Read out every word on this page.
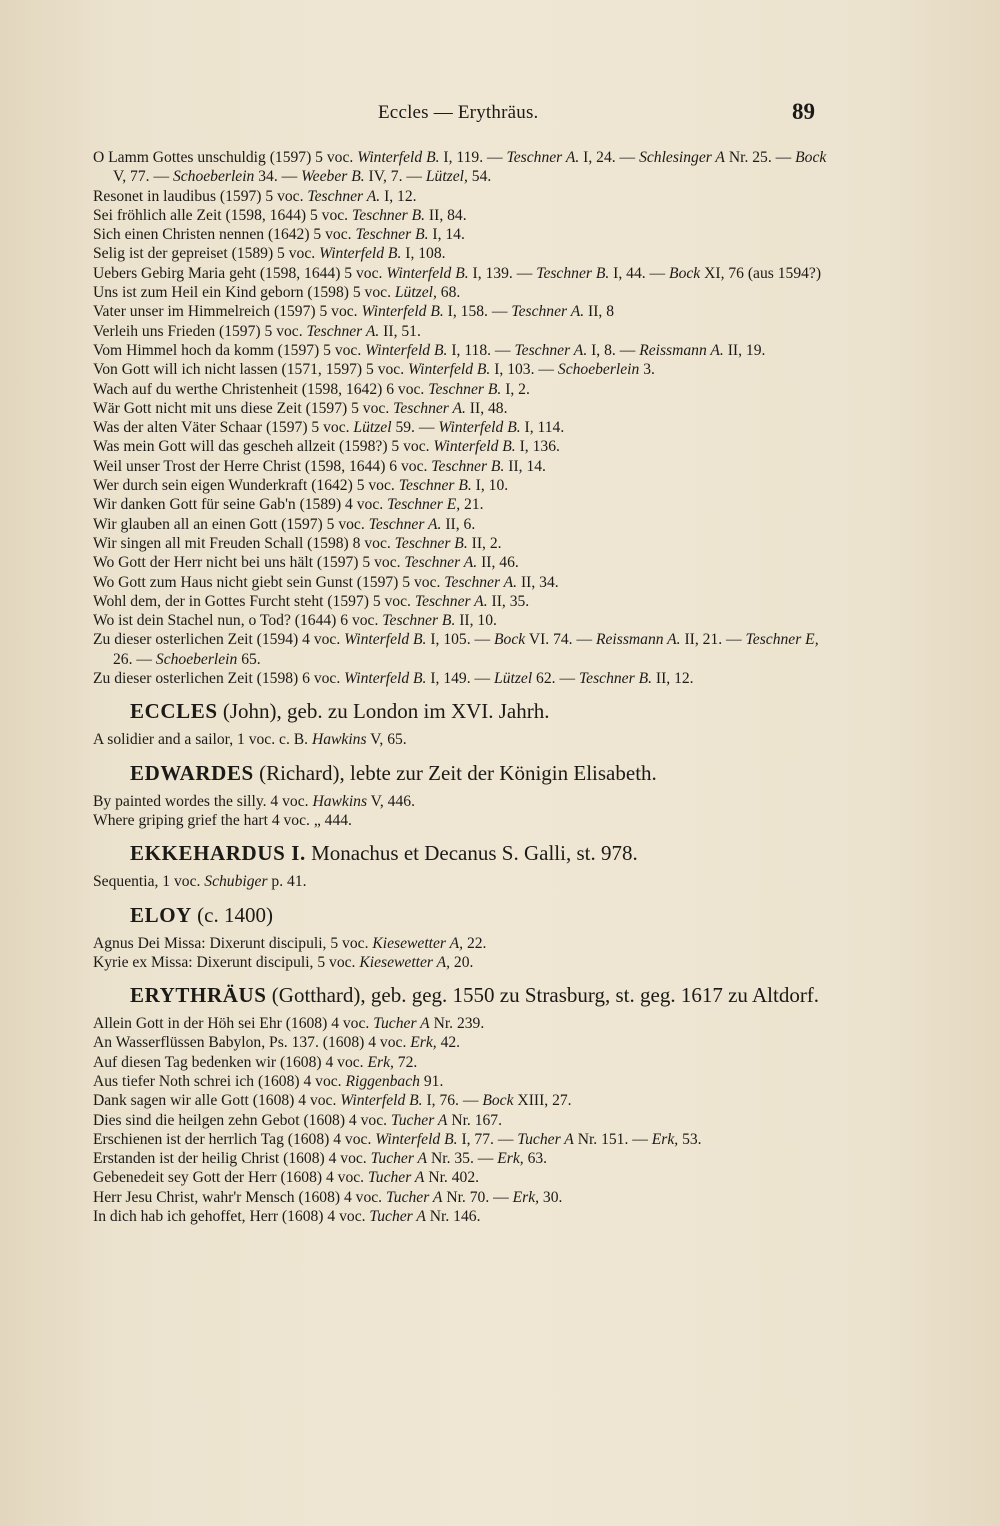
Eccles — Erythräus.	89

O Lamm Gottes unschuldig (1597) 5 voc. Winterfeld B. I, 119. — Teschner A. I, 24. — Schlesinger A Nr. 25. — Bock V, 77. — Schoeberlein 34. — Weeber B. IV, 7. — Lützel, 54.

Resonet in laudibus (1597) 5 voc. Teschner A. I, 12.

Sei fröhlich alle Zeit (1598, 1644) 5 voc. Teschner B. II, 84.

Sich einen Christen nennen (1642) 5 voc. Teschner B. I, 14.

Selig ist der gepreiset (1589) 5 voc. Winterfeld B. I, 108.

Uebers Gebirg Maria geht (1598, 1644) 5 voc. Winterfeld B. I, 139. — Teschner B. I, 44. — Bock XI, 76 (aus 1594?)

Uns ist zum Heil ein Kind geborn (1598) 5 voc. Lützel, 68.

Vater unser im Himmelreich (1597) 5 voc. Winterfeld B. I, 158. — Teschner A. II, 8

Verleih uns Frieden (1597) 5 voc. Teschner A. II, 51.

Vom Himmel hoch da komm (1597) 5 voc. Winterfeld B. I, 118. — Teschner A. I, 8. — Reissmann A. II, 19.

Von Gott will ich nicht lassen (1571, 1597) 5 voc. Winterfeld B. I, 103. — Schoeberlein 3.

Wach auf du werthe Christenheit (1598, 1642) 6 voc. Teschner B. I, 2.

Wär Gott nicht mit uns diese Zeit (1597) 5 voc. Teschner A. II, 48.

Was der alten Väter Schaar (1597) 5 voc. Lützel 59. — Winterfeld B. I, 114.

Was mein Gott will das gescheh allzeit (1598?) 5 voc. Winterfeld B. I, 136.

Weil unser Trost der Herre Christ (1598, 1644) 6 voc. Teschner B. II, 14.

Wer durch sein eigen Wunderkraft (1642) 5 voc. Teschner B. I, 10.

Wir danken Gott für seine Gab'n (1589) 4 voc. Teschner E, 21.

Wir glauben all an einen Gott (1597) 5 voc. Teschner A. II, 6.

Wir singen all mit Freuden Schall (1598) 8 voc. Teschner B. II, 2.

Wo Gott der Herr nicht bei uns hält (1597) 5 voc. Teschner A. II, 46.

Wo Gott zum Haus nicht giebt sein Gunst (1597) 5 voc. Teschner A. II, 34.

Wohl dem, der in Gottes Furcht steht (1597) 5 voc. Teschner A. II, 35.

Wo ist dein Stachel nun, o Tod? (1644) 6 voc. Teschner B. II, 10.

Zu dieser osterlichen Zeit (1594) 4 voc. Winterfeld B. I, 105. — Bock VI. 74. — Reissmann A. II, 21. — Teschner E, 26. — Schoeberlein 65.

Zu dieser osterlichen Zeit (1598) 6 voc. Winterfeld B. I, 149. — Lützel 62. — Teschner B. II, 12.

ECCLES (John), geb. zu London im XVI. Jahrh.

A solidier and a sailor, 1 voc. c. B. Hawkins V, 65.

EDWARDES (Richard), lebte zur Zeit der Königin Elisabeth.

By painted wordes the silly. 4 voc. Hawkins V, 446.

Where griping grief the hart 4 voc. „ 444.

EKKEHARDUS I. Monachus et Decanus S. Galli, st. 978.

Sequentia, 1 voc. Schubiger p. 41.

ELOY (c. 1400)

Agnus Dei Missa: Dixerunt discipuli, 5 voc. Kiesewetter A, 22.

Kyrie ex Missa: Dixerunt discipuli, 5 voc. Kiesewetter A, 20.

ERYTHRÄUS (Gotthard), geb. geg. 1550 zu Strasburg, st. geg. 1617 zu Altdorf.

Allein Gott in der Höh sei Ehr (1608) 4 voc. Tucher A Nr. 239.

An Wasserflüssen Babylon, Ps. 137. (1608) 4 voc. Erk, 42.

Auf diesen Tag bedenken wir (1608) 4 voc. Erk, 72.

Aus tiefer Noth schrei ich (1608) 4 voc. Riggenbach 91.

Dank sagen wir alle Gott (1608) 4 voc. Winterfeld B. I, 76. — Bock XIII, 27.

Dies sind die heilgen zehn Gebot (1608) 4 voc. Tucher A Nr. 167.

Erschienen ist der herrlich Tag (1608) 4 voc. Winterfeld B. I, 77. — Tucher A Nr. 151. — Erk, 53.

Erstanden ist der heilig Christ (1608) 4 voc. Tucher A Nr. 35. — Erk, 63.

Gebenedeit sey Gott der Herr (1608) 4 voc. Tucher A Nr. 402.

Herr Jesu Christ, wahr'r Mensch (1608) 4 voc. Tucher A Nr. 70. — Erk, 30.

In dich hab ich gehoffet, Herr (1608) 4 voc. Tucher A Nr. 146.
